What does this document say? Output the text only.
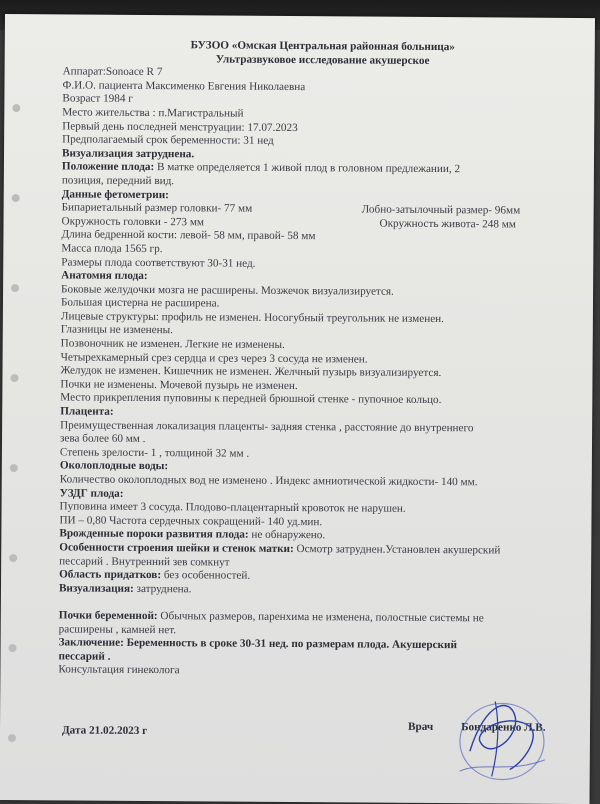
БУЗОО «Омская Центральная районная больница»
Ультразвуковое исследование акушерское
Аппарат:Sonoace R 7
Ф.И.О. пациента Максименко Евгения Николаевна
Возраст 1984 г
Место жительства : п.Магистральный
Первый день последней менструации: 17.07.2023
Предполагаемый срок беременности: 31 нед
Визуализация затруднена.
Положение плода: В матке определяется 1 живой плод в головном предлежании, 2
позиция, передний вид.
Данные фетометрии:
Бипариетальный размер головки- 77 мм	Лобно-затылочный размер- 96мм
Окружность головки - 273 мм	Окружность живота- 248 мм
Длина бедренной кости: левой- 58 мм, правой- 58 мм
Масса плода 1565 гр.
Размеры плода соответствуют 30-31 нед.
Анатомия плода:
Боковые желудочки мозга не расширены. Мозжечок визуализируется.
Большая цистерна не расширена.
Лицевые структуры: профиль не изменен. Носогубный треугольник не изменен.
Глазницы не изменены.
Позвоночник не изменен. Легкие не изменены.
Четырехкамерный срез сердца и срез через 3 сосуда не изменен.
Желудок не изменен. Кишечник не изменен. Желчный пузырь визуализируется.
Почки не изменены. Мочевой пузырь не изменен.
Место прикрепления пуповины к передней брюшной стенке - пупочное кольцо.
Плацента:
Преимущественная локализация плаценты- задняя стенка , расстояние до внутреннего
зева более 60 мм .
Степень зрелости- 1 , толщиной 32 мм .
Околоплодные воды:
Количество околоплодных вод не изменено . Индекс амниотической жидкости- 140 мм.
УЗДГ плода:
Пуповина имеет 3 сосуда. Плодово-плацентарный кровоток не нарушен.
ПИ – 0,80 Частота сердечных сокращений- 140 уд.мин.
Врожденные пороки развития плода: не обнаружено.
Особенности строения шейки и стенок матки: Осмотр затруднен.Установлен акушерский
пессарий . Внутренний зев сомкнут
Область придатков: без особенностей.
Визуализация: затруднена.
Почки беременной: Обычных размеров, паренхима не изменена, полостные системы не
расширены , камней нет.
Заключение: Беременность в сроке 30-31 нед. по размерам плода. Акушерский
пессарий .
Консультация гинеколога
Дата 21.02.2023 г	Врач Бондаренко Л.В.
